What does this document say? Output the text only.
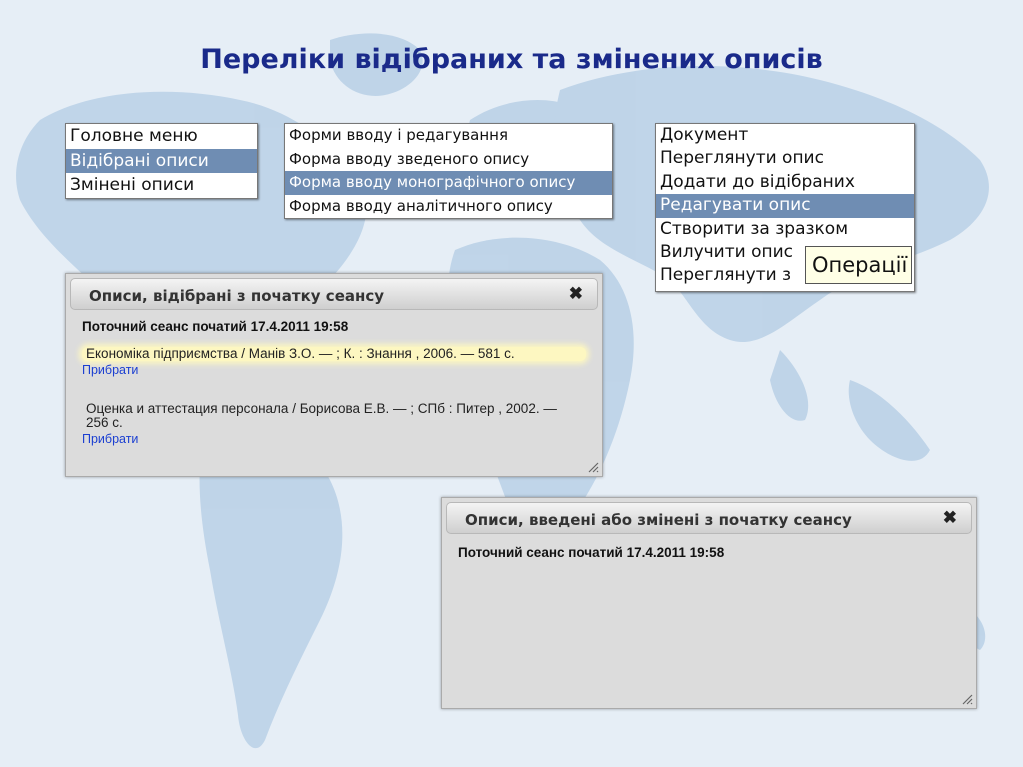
Переліки відібраних та змінених описів
Головне меню
Відібрані описи
Змінені описи
Форми вводу і редагування
Форма вводу зведеного опису
Форма вводу монографічного опису
Форма вводу аналітичного опису
Документ
Переглянути опис
Додати до відібраних
Редагувати опис
Створити за зразком
Вилучити опис
Переглянути з Операції
Описи, відібрані з початку сеансу	✖
Поточний сеанс початий 17.4.2011 19:58
Економіка підприємства / Манів З.О. — ; К. : Знання , 2006. — 581 с.
Прибрати
Оценка и аттестация персонала / Борисова Е.В. — ; СПб : Питер , 2002. — 256 с.
Прибрати
Описи, введені або змінені з початку сеансу	✖
Поточний сеанс початий 17.4.2011 19:58
